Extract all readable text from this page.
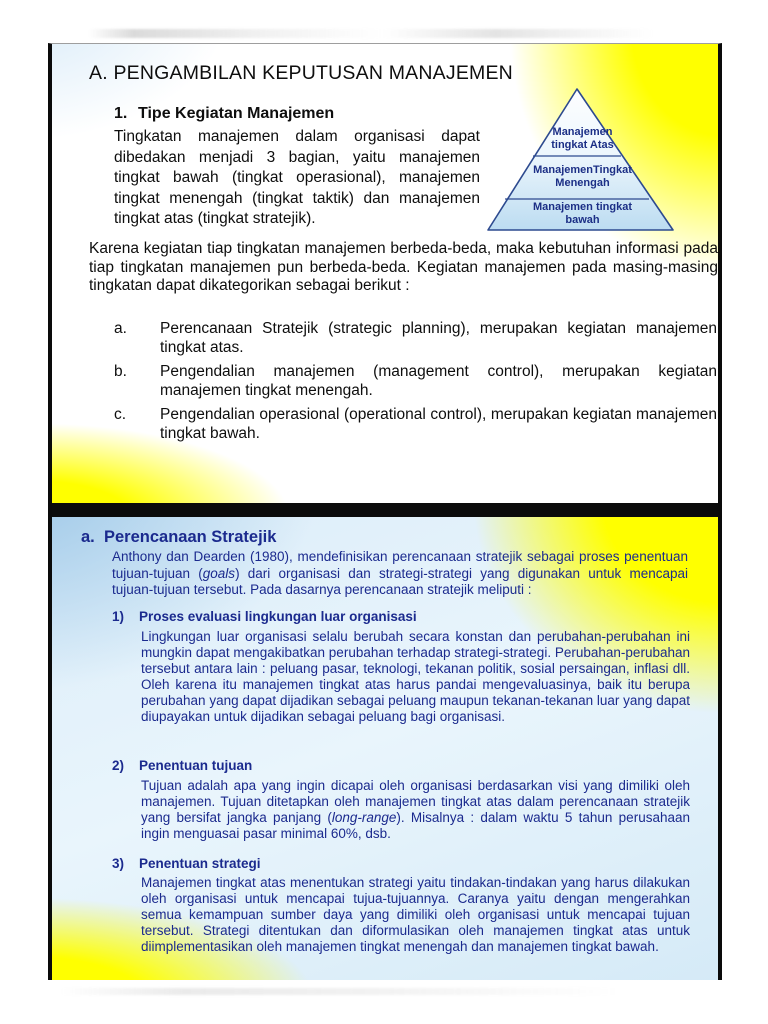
A. PENGAMBILAN KEPUTUSAN MANAJEMEN
1. Tipe Kegiatan Manajemen

Tingkatan manajemen dalam organisasi dapat dibedakan menjadi 3 bagian, yaitu manajemen tingkat bawah (tingkat operasional), manajemen tingkat menengah (tingkat taktik) dan manajemen tingkat atas (tingkat stratejik).

Manajemen
tingkat Atas
ManajemenTingkat
Menengah
Manajemen tingkat
bawah

Karena kegiatan tiap tingkatan manajemen berbeda-beda, maka kebutuhan informasi pada tiap tingkatan manajemen pun berbeda-beda. Kegiatan manajemen pada masing-masing tingkatan dapat dikategorikan sebagai berikut :

a.	Perencanaan Stratejik (strategic planning), merupakan kegiatan manajemen tingkat atas.
b.	Pengendalian manajemen (management control), merupakan kegiatan manajemen tingkat menengah.
c.	Pengendalian operasional (operational control), merupakan kegiatan manajemen tingkat bawah.
a. Perencanaan Stratejik

Anthony dan Dearden (1980), mendefinisikan perencanaan stratejik sebagai proses penentuan tujuan-tujuan (goals) dari organisasi dan strategi-strategi yang digunakan untuk mencapai tujuan-tujuan tersebut. Pada dasarnya perencanaan stratejik meliputi :

1)	Proses evaluasi lingkungan luar organisasi

Lingkungan luar organisasi selalu berubah secara konstan dan perubahan-perubahan ini mungkin dapat mengakibatkan perubahan terhadap strategi-strategi. Perubahan-perubahan tersebut antara lain : peluang pasar, teknologi, tekanan politik, sosial persaingan, inflasi dll. Oleh karena itu manajemen tingkat atas harus pandai mengevaluasinya, baik itu berupa perubahan yang dapat dijadikan sebagai peluang maupun tekanan-tekanan luar yang dapat diupayakan untuk dijadikan sebagai peluang bagi organisasi.

2)	Penentuan tujuan

Tujuan adalah apa yang ingin dicapai oleh organisasi berdasarkan visi yang dimiliki oleh manajemen. Tujuan ditetapkan oleh manajemen tingkat atas dalam perencanaan stratejik yang bersifat jangka panjang (long-range). Misalnya : dalam waktu 5 tahun perusahaan ingin menguasai pasar minimal 60%, dsb.

3)	Penentuan strategi

Manajemen tingkat atas menentukan strategi yaitu tindakan-tindakan yang harus dilakukan oleh organisasi untuk mencapai tujua-tujuannya. Caranya yaitu dengan mengerahkan semua kemampuan sumber daya yang dimiliki oleh organisasi untuk mencapai tujuan tersebut. Strategi ditentukan dan diformulasikan oleh manajemen tingkat atas untuk diimplementasikan oleh manajemen tingkat menengah dan manajemen tingkat bawah.
